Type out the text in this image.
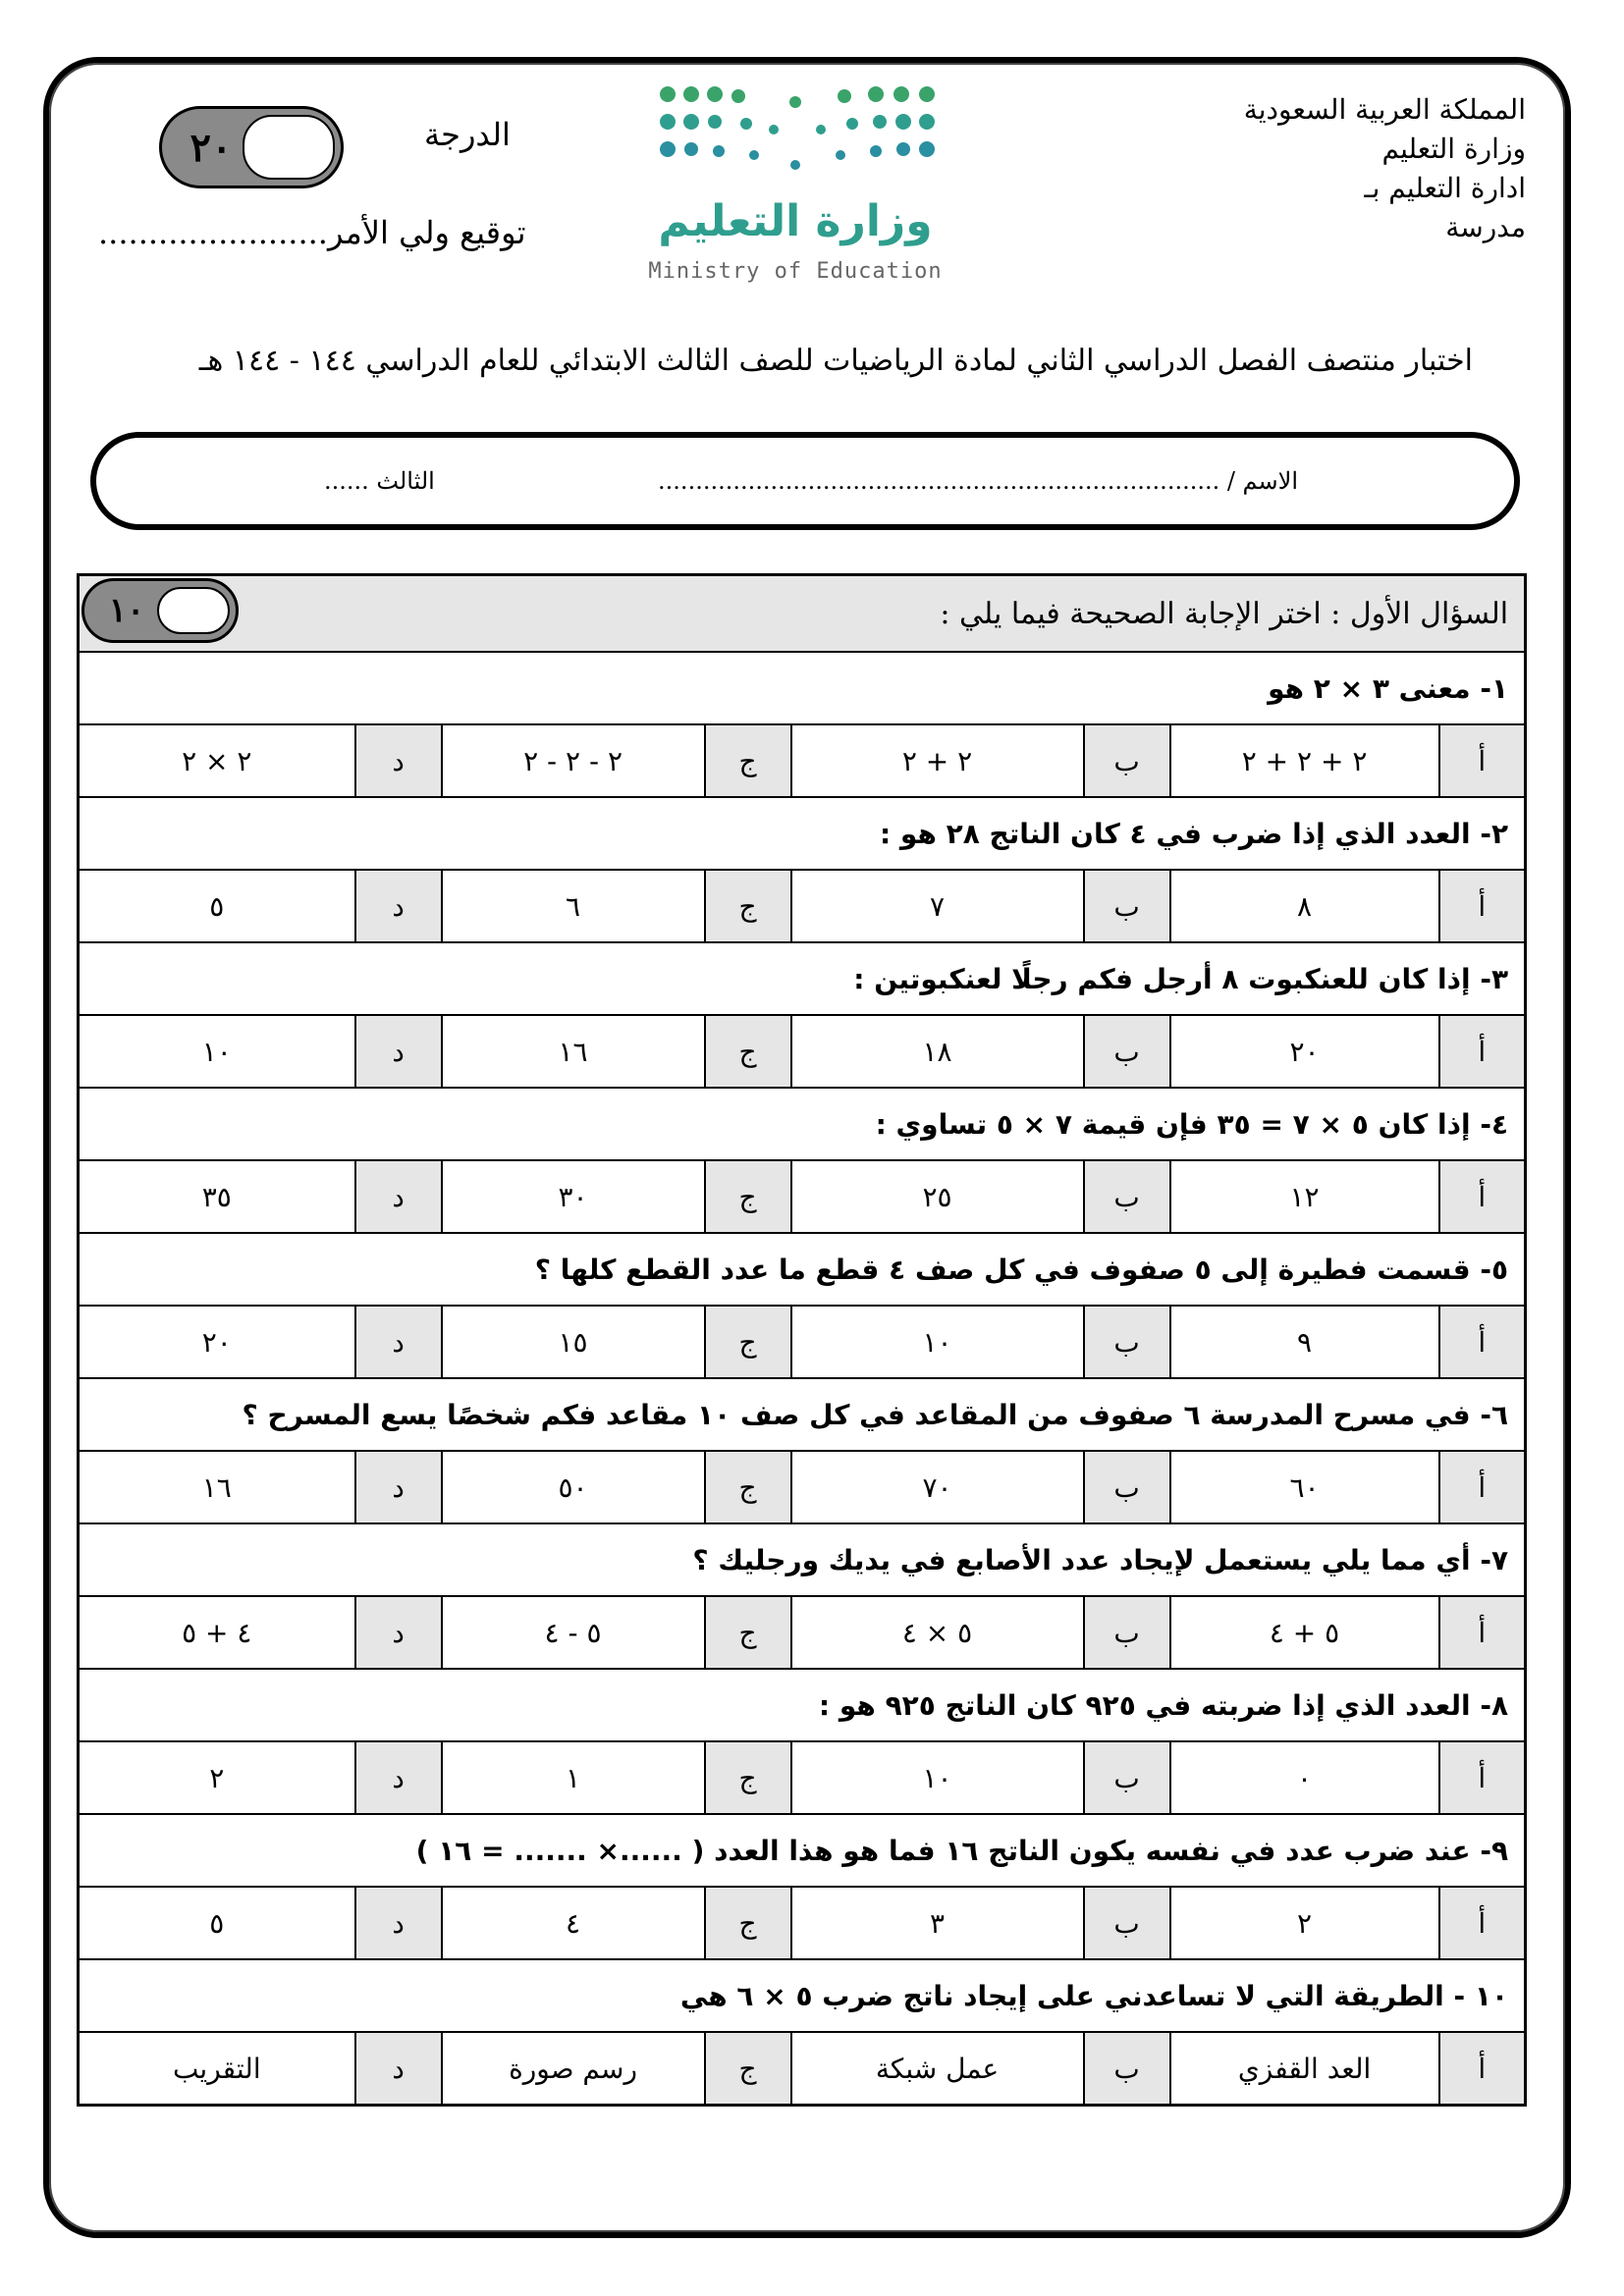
المملكة العربية السعودية
وزارة التعليم
ادارة التعليم بـ
مدرسة
وزارة التعليم
Ministry of Education
٢٠	الدرجة
توقيع ولي الأمر.......................
اختبار منتصف الفصل الدراسي الثاني لمادة الرياضيات للصف الثالث الابتدائي للعام الدراسي ١٤٤ - ١٤٤ هـ
الاسم / ...........................................................................
الثالث ......
السؤال الأول : اختر الإجابة الصحيحة فيما يلي :
١٠							

١- معنى ٣ × ٢ هو							
أ	٢ + ٢ + ٢	ب	٢ + ٢	ج	٢ - ٢ - ٢	د	٢ × ٢
٢- العدد الذي إذا ضرب في ٤ كان الناتج ٢٨ هو :							
أ	٨	ب	٧	ج	٦	د	٥
٣- إذا كان للعنكبوت ٨ أرجل فكم رجلًا لعنكبوتين :							
أ	٢٠	ب	١٨	ج	١٦	د	١٠
٤- إذا كان ٥ × ٧ = ٣٥ فإن قيمة ٧ × ٥ تساوي :							
أ	١٢	ب	٢٥	ج	٣٠	د	٣٥
٥- قسمت فطيرة إلى ٥ صفوف في كل صف ٤ قطع ما عدد القطع كلها ؟							
أ	٩	ب	١٠	ج	١٥	د	٢٠
٦- في مسرح المدرسة ٦ صفوف من المقاعد في كل صف ١٠ مقاعد فكم شخصًا يسع المسرح ؟							
أ	٦٠	ب	٧٠	ج	٥٠	د	١٦
٧- أي مما يلي يستعمل لإيجاد عدد الأصابع في يديك ورجليك ؟							
أ	٥ + ٤	ب	٥ × ٤	ج	٥ - ٤	د	٤ + ٥
٨- العدد الذي إذا ضربته في ٩٢٥ كان الناتج ٩٢٥ هو :							
أ	٠	ب	١٠	ج	١	د	٢
٩- عند ضرب عدد في نفسه يكون الناتج ١٦ فما هو هذا العدد ( ......× ....... = ١٦ )							
أ	٢	ب	٣	ج	٤	د	٥
١٠ - الطريقة التي لا تساعدني على إيجاد ناتج ضرب ٥ × ٦ هي							
أ	العد القفزي	ب	عمل شبكة	ج	رسم صورة	د	التقريب
